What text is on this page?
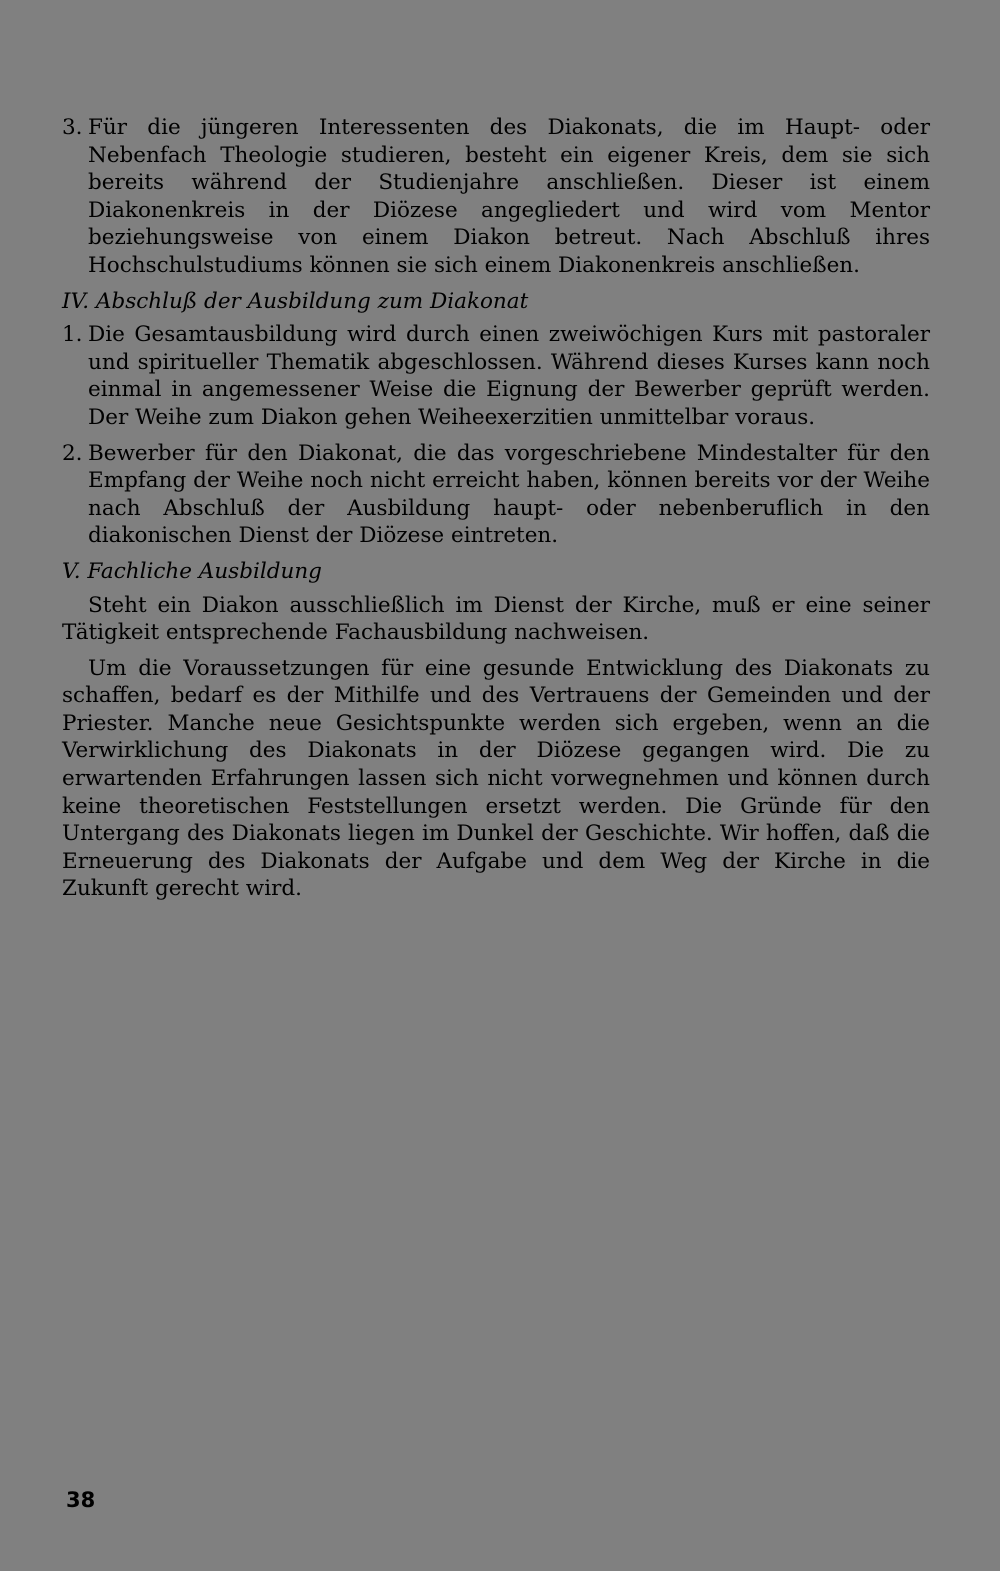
3. Für die jüngeren Interessenten des Diakonats, die im Haupt- oder Nebenfach Theologie studieren, besteht ein eigener Kreis, dem sie sich bereits während der Studienjahre anschließen. Dieser ist einem Diakonenkreis in der Diözese angegliedert und wird vom Mentor beziehungsweise von einem Diakon betreut. Nach Abschluß ihres Hochschulstudiums können sie sich einem Diakonenkreis anschließen.
IV. Abschluß der Ausbildung zum Diakonat
1. Die Gesamtausbildung wird durch einen zweiwöchigen Kurs mit pastoraler und spiritueller Thematik abgeschlossen. Während dieses Kurses kann noch einmal in angemessener Weise die Eignung der Bewerber geprüft werden. Der Weihe zum Diakon gehen Weiheexerzitien unmittelbar voraus.
2. Bewerber für den Diakonat, die das vorgeschriebene Mindestalter für den Empfang der Weihe noch nicht erreicht haben, können bereits vor der Weihe nach Abschluß der Ausbildung haupt- oder nebenberuflich in den diakonischen Dienst der Diözese eintreten.
V. Fachliche Ausbildung

Steht ein Diakon ausschließlich im Dienst der Kirche, muß er eine seiner Tätigkeit entsprechende Fachausbildung nachweisen.

Um die Voraussetzungen für eine gesunde Entwicklung des Diakonats zu schaffen, bedarf es der Mithilfe und des Vertrauens der Gemeinden und der Priester. Manche neue Gesichtspunkte werden sich ergeben, wenn an die Verwirklichung des Diakonats in der Diözese gegangen wird. Die zu erwartenden Erfahrungen lassen sich nicht vorwegnehmen und können durch keine theoretischen Feststellungen ersetzt werden. Die Gründe für den Untergang des Diakonats liegen im Dunkel der Geschichte. Wir hoffen, daß die Erneuerung des Diakonats der Aufgabe und dem Weg der Kirche in die Zukunft gerecht wird.

38
